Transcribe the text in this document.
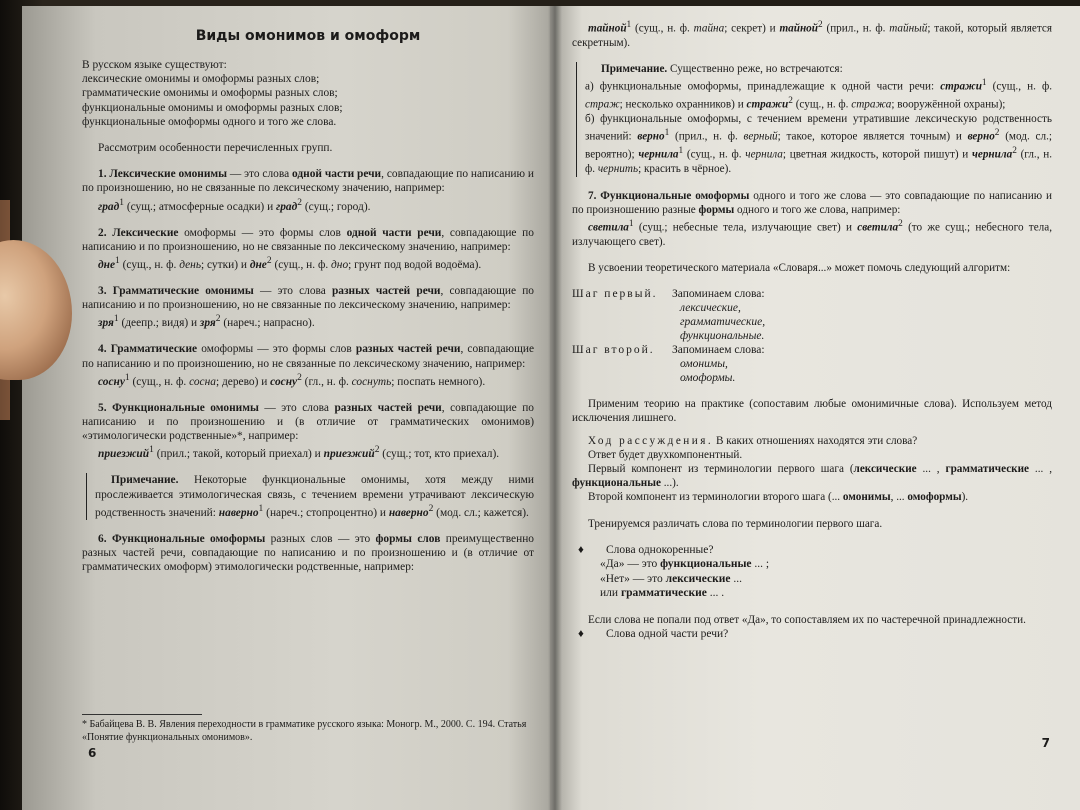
Виды омонимов и омоформ

В русском языке существуют:

лексические омонимы и омоформы разных слов;

грамматические омонимы и омоформы разных слов;

функциональные омонимы и омоформы разных слов;

функциональные омоформы одного и того же слова.

Рассмотрим особенности перечисленных групп.

1. Лексические омонимы — это слова одной части речи, совпадающие по написанию и по произношению, но не связанные по лексическому значению, например:

град$^1$ (сущ.; атмосферные осадки) и град$^2$ (сущ.; город).

2. Лексические омоформы — это формы слов одной части речи, совпадающие по написанию и по произношению, но не связанные по лексическому значению, например:

дне$^1$ (сущ., н. ф. день; сутки) и дне$^2$ (сущ., н. ф. дно; грунт под водой водоёма).

3. Грамматические омонимы — это слова разных частей речи, совпадающие по написанию и по произношению, но не связанные по лексическому значению, например:

зря$^1$ (деепр.; видя) и зря$^2$ (нареч.; напрасно).

4. Грамматические омоформы — это формы слов разных частей речи, совпадающие по написанию и по произношению, но не связанные по лексическому значению, например:

сосну$^1$ (сущ., н. ф. сосна; дерево) и сосну$^2$ (гл., н. ф. соснуть; поспать немного).

5. Функциональные омонимы — это слова разных частей речи, совпадающие по написанию и по произношению и (в отличие от грамматических омонимов) «этимологически родственные»*, например:

приезжий$^1$ (прил.; такой, который приехал) и приезжий$^2$ (сущ.; тот, кто приехал).

Примечание. Некоторые функциональные омонимы, хотя между ними прослеживается этимологическая связь, с течением времени утрачивают лексическую родственность значений: наверно$^1$ (нареч.; стопроцентно) и наверно$^2$ (мод. сл.; кажется).

6. Функциональные омоформы разных слов — это формы слов преимущественно разных частей речи, совпадающие по написанию и по произношению и (в отличие от грамматических омоформ) этимологически родственные, например:

* Бабайцева В. В. Явления переходности в грамматике русского языка: Моногр. М., 2000. С. 194. Статья «Понятие функциональных омонимов».
6

тайной$^1$ (сущ., н. ф. тайна; секрет) и тайной$^2$ (прил., н. ф. тайный; такой, который является секретным).

Примечание. Существенно реже, но встречаются:

а) функциональные омоформы, принадлежащие к одной части речи: стражи$^1$ (сущ., н. ф. страж; несколько охранников) и стражи$^2$ (сущ., н. ф. стража; вооружённой охраны);

б) функциональные омоформы, с течением времени утратившие лексическую родственность значений: верно$^1$ (прил., н. ф. верный; такое, которое является точным) и верно$^2$ (мод. сл.; вероятно); чернила$^1$ (сущ., н. ф. чернила; цветная жидкость, которой пишут) и чернила$^2$ (гл., н. ф. чернить; красить в чёрное).

7. Функциональные омоформы одного и того же слова — это совпадающие по написанию и по произношению разные формы одного и того же слова, например:

светила$^1$ (сущ.; небесные тела, излучающие свет) и светила$^2$ (то же сущ.; небесного тела, излучающего свет).

В усвоении теоретического материала «Словаря...» может помочь следующий алгоритм:

Шаг первый.	Запоминаем слова:
лексические,
грамматические,
функциональные.
Шаг второй.	Запоминаем слова:
омонимы,
омоформы.

Применим теорию на практике (сопоставим любые омонимичные слова). Используем метод исключения лишнего.

Ход рассуждения. В каких отношениях находятся эти слова?

Ответ будет двухкомпонентный.

Первый компонент из терминологии первого шага (лексические ... , грамматические ... , функциональные ...).

Второй компонент из терминологии второго шага (... омонимы, ... омоформы).

Тренируемся различать слова по терминологии первого шага.

♦	Слова однокоренные?
«Да» — это функциональные ... ;
«Нет» — это лексические ...
или грамматические ... .

Если слова не попали под ответ «Да», то сопоставляем их по частеречной принадлежности.

♦	Слова одной части речи?
7
